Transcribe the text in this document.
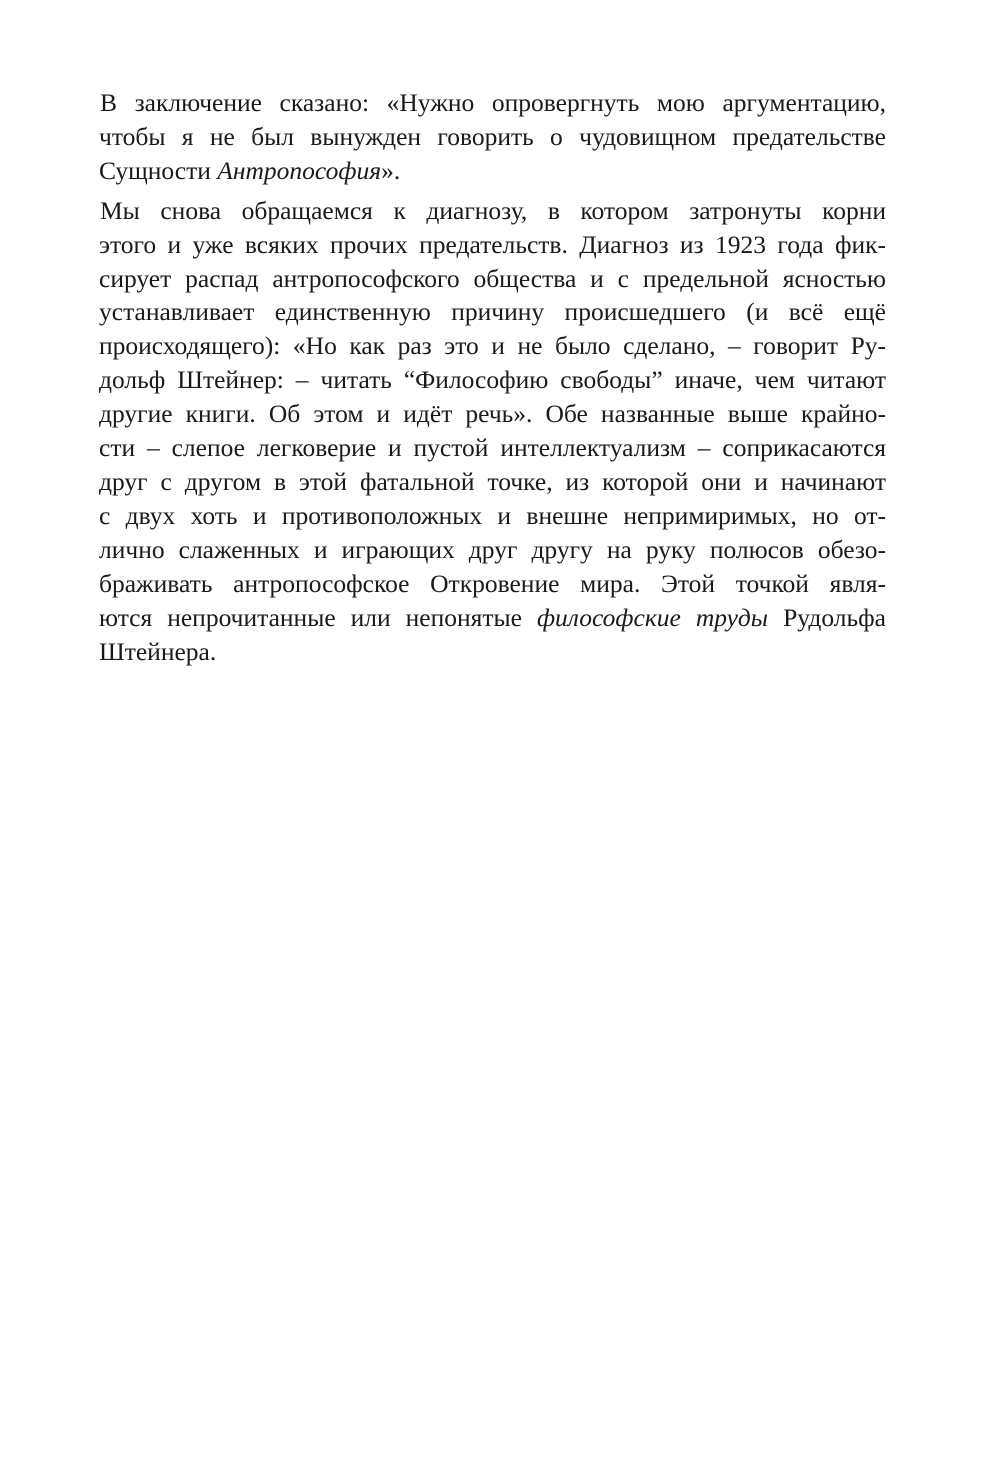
В заключение сказано: «Нужно опровергнуть мою аргументацию,
чтобы я не был вынужден говорить о чудовищном предательстве
Сущности Антропософия».
Мы снова обращаемся к диагнозу, в котором затронуты корни
этого и уже всяких прочих предательств. Диагноз из 1923 года фик-
сирует распад антропософского общества и с предельной ясностью
устанавливает единственную причину происшедшего (и всё ещё
происходящего): «Но как раз это и не было сделано, – говорит Ру-
дольф Штейнер: – читать “Философию свободы” иначе, чем читают
другие книги. Об этом и идёт речь». Обе названные выше крайно-
сти – слепое легковерие и пустой интеллектуализм – соприкасаются
друг с другом в этой фатальной точке, из которой они и начинают
с двух хоть и противоположных и внешне непримиримых, но от-
лично слаженных и играющих друг другу на руку полюсов обезо-
браживать антропософское Откровение мира. Этой точкой явля-
ются непрочитанные или непонятые философские труды Рудольфа
Штейнера.
